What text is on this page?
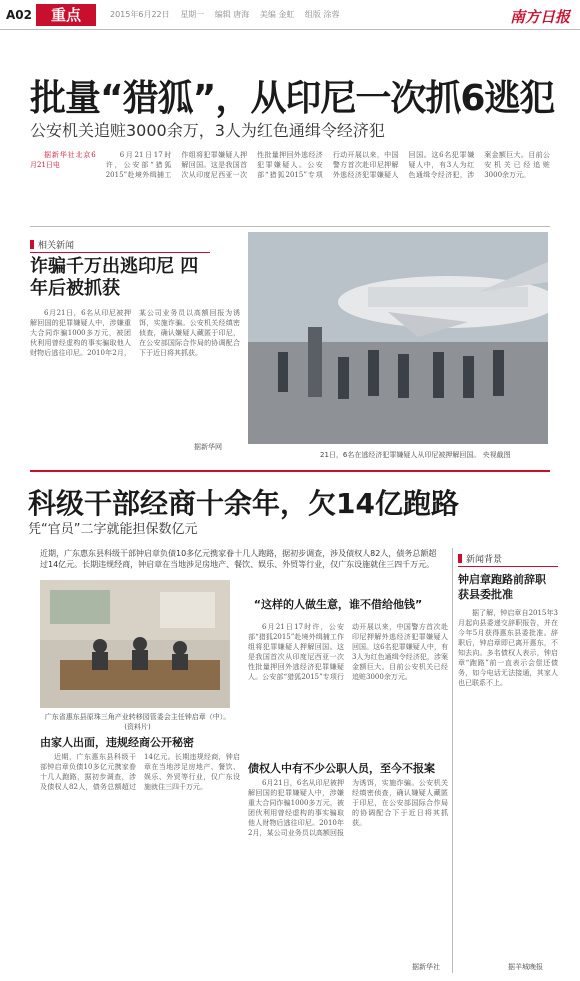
A02	重点	2015年6月22日 星期一 编辑 唐海 美编 金虹 组版 涂蓉	南方日报
批量“猎狐”，从印尼一次抓6逃犯
公安机关追赃3000余万，3人为红色通缉令经济犯

据新华社北京6月21日电

6月21日17时许，公安部“猎狐2015”赴境外缉捕工作组将犯罪嫌疑人押解回国。这是我国首次从印度尼西亚一次性批量押回外逃经济犯罪嫌疑人。公安部“猎狐2015”专项行动开展以来，中国警方首次赴印尼押解外逃经济犯罪嫌疑人回国。这6名犯罪嫌疑人中，有3人为红色通缉令经济犯，涉案金额巨大。目前公安机关已经追赃3000余万元。

相关新闻
诈骗千万出逃印尼 四年后被抓获

6月21日，6名从印尼被押解回国的犯罪嫌疑人中，涉嫌重大合同诈骗1000多万元，被团伙利用曾经虚构的事实骗取他人财物后逃往印尼。2010年2月，某公司业务员以高额回报为诱饵，实施诈骗。公安机关经缜密侦查，确认嫌疑人藏匿于印尼，在公安部国际合作局的协调配合下于近日将其抓获。

据新华网
21日，6名在逃经济犯罪嫌疑人从印尼被押解回国。 央视截图
科级干部经商十余年，欠14亿跑路
凭“官员”二字就能担保数亿元
近期，广东惠东县科级干部钟启章负债10多亿元携家眷十几人跑路，据初步调查，涉及债权人82人，债务总额超过14亿元。长期违规经商，钟启章在当地涉足房地产、餐饮、娱乐、外贸等行业，仅广东设施就住三四千万元。
广东省惠东县原珠三角产业转移园管委会主任钟启章（中）。
(资料片)
由家人出面，违规经商公开秘密

近期，广东惠东县科级干部钟启章负债10多亿元携家眷十几人跑路，据初步调查，涉及债权人82人，债务总额超过14亿元。长期违规经商，钟启章在当地涉足房地产、餐饮、娱乐、外贸等行业，仅广东设施就住三四千万元。

“这样的人做生意，谁不借给他钱”

6月21日17时许，公安部“猎狐2015”赴境外缉捕工作组将犯罪嫌疑人押解回国。这是我国首次从印度尼西亚一次性批量押回外逃经济犯罪嫌疑人。公安部“猎狐2015”专项行动开展以来，中国警方首次赴印尼押解外逃经济犯罪嫌疑人回国。这6名犯罪嫌疑人中，有3人为红色通缉令经济犯，涉案金额巨大。目前公安机关已经追赃3000余万元。

债权人中有不少公职人员，至今不报案

6月21日，6名从印尼被押解回国的犯罪嫌疑人中，涉嫌重大合同诈骗1000多万元，被团伙利用曾经虚构的事实骗取他人财物后逃往印尼。2010年2月，某公司业务员以高额回报为诱饵，实施诈骗。公安机关经缜密侦查，确认嫌疑人藏匿于印尼，在公安部国际合作局的协调配合下于近日将其抓获。

据新华社
新闻背景
钟启章跑路前辞职 获县委批准

据了解，钟启章自2015年3月起向县委递交辞职报告，并在今年5月获得惠东县委批准。辞职后，钟启章即已离开惠东，不知去向。多名债权人表示，钟启章“跑路”前一直表示会偿还债务，如今电话无法接通，其家人也已联系不上。

据羊城晚报
